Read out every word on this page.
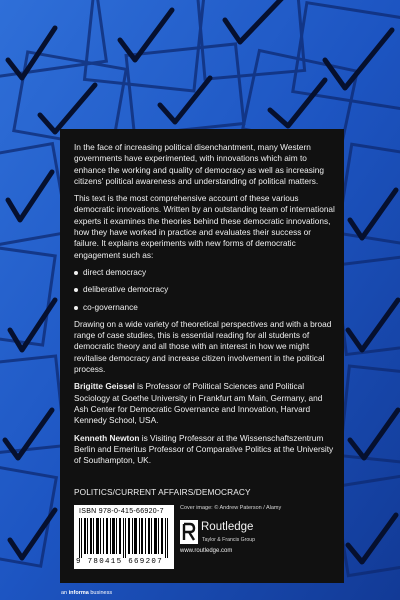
In the face of increasing political disenchantment, many Western governments have experimented, with innovations which aim to enhance the working and quality of democracy as well as increasing citizens' political awareness and understanding of political matters.

This text is the most comprehensive account of these various democratic innovations. Written by an outstanding team of international experts it examines the theories behind these democratic innovations, how they have worked in practice and evaluates their success or failure. It explains experiments with new forms of democratic engagement such as:

direct democracy
deliberative democracy
co-governance

Drawing on a wide variety of theoretical perspectives and with a broad range of case studies, this is essential reading for all students of democratic theory and all those with an interest in how we might revitalise democracy and increase citizen involvement in the political process.

Brigitte Geissel is Professor of Political Sciences and Political Sociology at Goethe University in Frankfurt am Main, Germany, and Ash Center for Democratic Governance and Innovation, Harvard Kennedy School, USA.

Kenneth Newton is Visiting Professor at the Wissenschaftszentrum Berlin and Emeritus Professor of Comparative Politics at the University of Southampton, UK.

POLITICS/CURRENT AFFAIRS/DEMOCRACY
ISBN 978-0-415-66920-7
9 780415 669207
Cover image: © Andrew Paterson / Alamy
Routledge
Taylor & Francis Group
www.routledge.com
an informa business
